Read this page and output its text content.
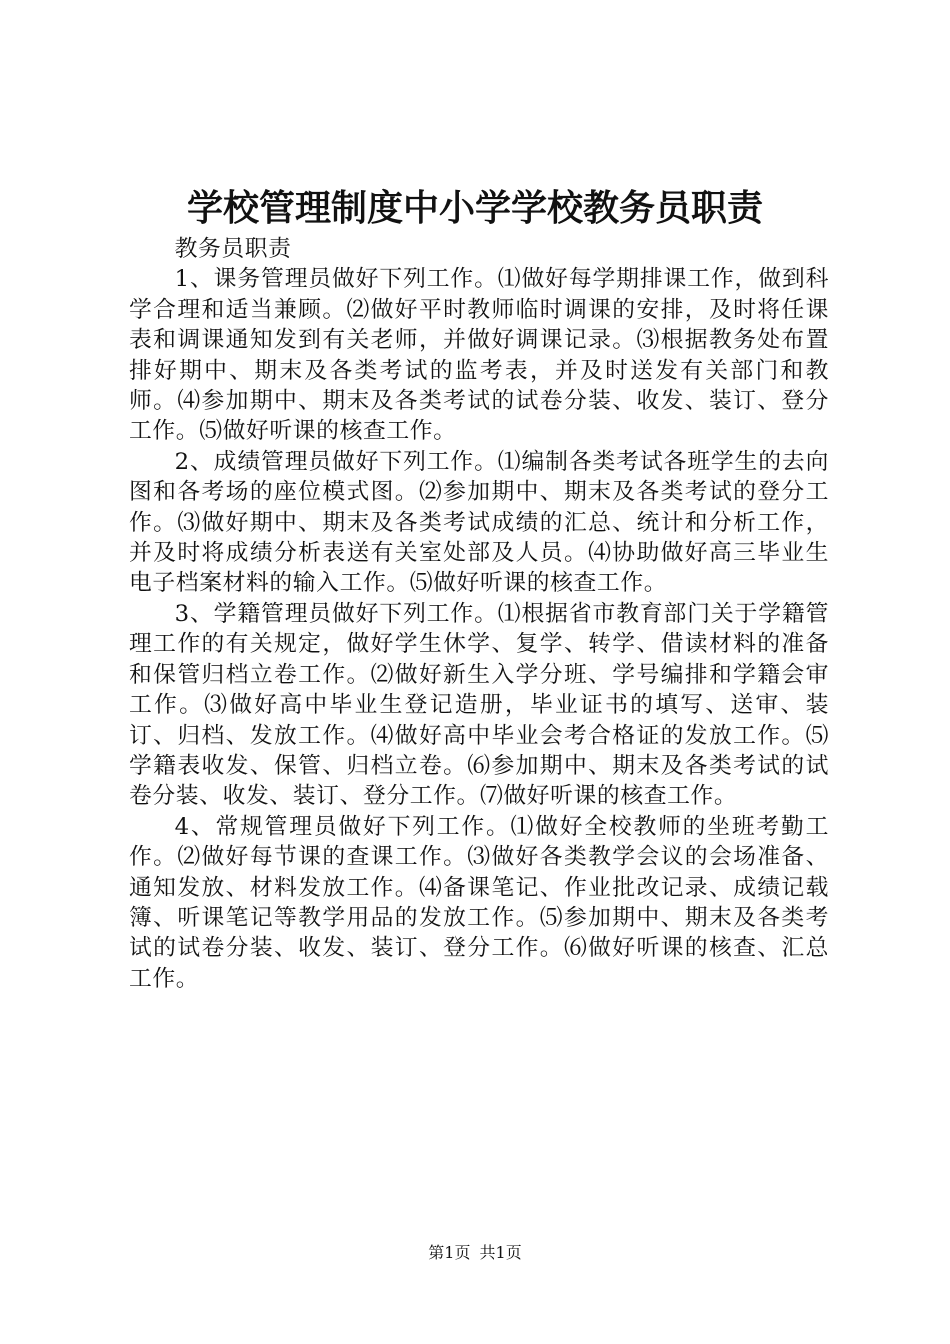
学校管理制度中小学学校教务员职责

教务员职责

1、课务管理员做好下列工作。⑴做好每学期排课工作，做到科学合理和适当兼顾。⑵做好平时教师临时调课的安排，及时将任课表和调课通知发到有关老师，并做好调课记录。⑶根据教务处布置排好期中、期末及各类考试的监考表，并及时送发有关部门和教师。⑷参加期中、期末及各类考试的试卷分装、收发、装订、登分工作。⑸做好听课的核查工作。

2、成绩管理员做好下列工作。⑴编制各类考试各班学生的去向图和各考场的座位模式图。⑵参加期中、期末及各类考试的登分工作。⑶做好期中、期末及各类考试成绩的汇总、统计和分析工作，并及时将成绩分析表送有关室处部及人员。⑷协助做好高三毕业生电子档案材料的输入工作。⑸做好听课的核查工作。

3、学籍管理员做好下列工作。⑴根据省市教育部门关于学籍管理工作的有关规定，做好学生休学、复学、转学、借读材料的准备和保管归档立卷工作。⑵做好新生入学分班、学号编排和学籍会审工作。⑶做好高中毕业生登记造册，毕业证书的填写、送审、装订、归档、发放工作。⑷做好高中毕业会考合格证的发放工作。⑸学籍表收发、保管、归档立卷。⑹参加期中、期末及各类考试的试卷分装、收发、装订、登分工作。⑺做好听课的核查工作。

4、常规管理员做好下列工作。⑴做好全校教师的坐班考勤工作。⑵做好每节课的查课工作。⑶做好各类教学会议的会场准备、通知发放、材料发放工作。⑷备课笔记、作业批改记录、成绩记载簿、听课笔记等教学用品的发放工作。⑸参加期中、期末及各类考试的试卷分装、收发、装订、登分工作。⑹做好听课的核查、汇总工作。

第1页 共1页
